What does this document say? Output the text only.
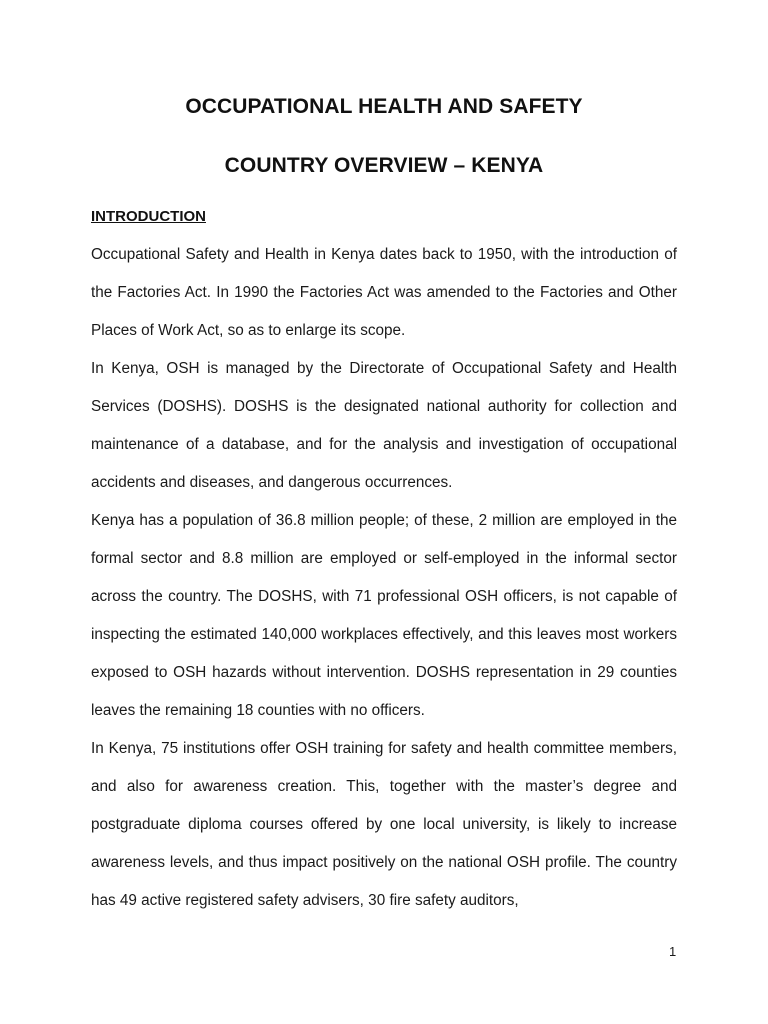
OCCUPATIONAL HEALTH AND SAFETY
COUNTRY OVERVIEW – KENYA
INTRODUCTION

Occupational Safety and Health in Kenya dates back to 1950, with the introduction of the Factories Act. In 1990 the Factories Act was amended to the Factories and Other Places of Work Act, so as to enlarge its scope.

In Kenya, OSH is managed by the Directorate of Occupational Safety and Health Services (DOSHS). DOSHS is the designated national authority for collection and maintenance of a database, and for the analysis and investigation of occupational accidents and diseases, and dangerous occurrences.

Kenya has a population of 36.8 million people; of these, 2 million are employed in the formal sector and 8.8 million are employed or self-employed in the informal sector across the country. The DOSHS, with 71 professional OSH officers, is not capable of inspecting the estimated 140,000 workplaces effectively, and this leaves most workers exposed to OSH hazards without intervention. DOSHS representation in 29 counties leaves the remaining 18 counties with no officers.

In Kenya, 75 institutions offer OSH training for safety and health committee members, and also for awareness creation. This, together with the master’s degree and postgraduate diploma courses offered by one local university, is likely to increase awareness levels, and thus impact positively on the national OSH profile. The country has 49 active registered safety advisers, 30 fire safety auditors,

1
